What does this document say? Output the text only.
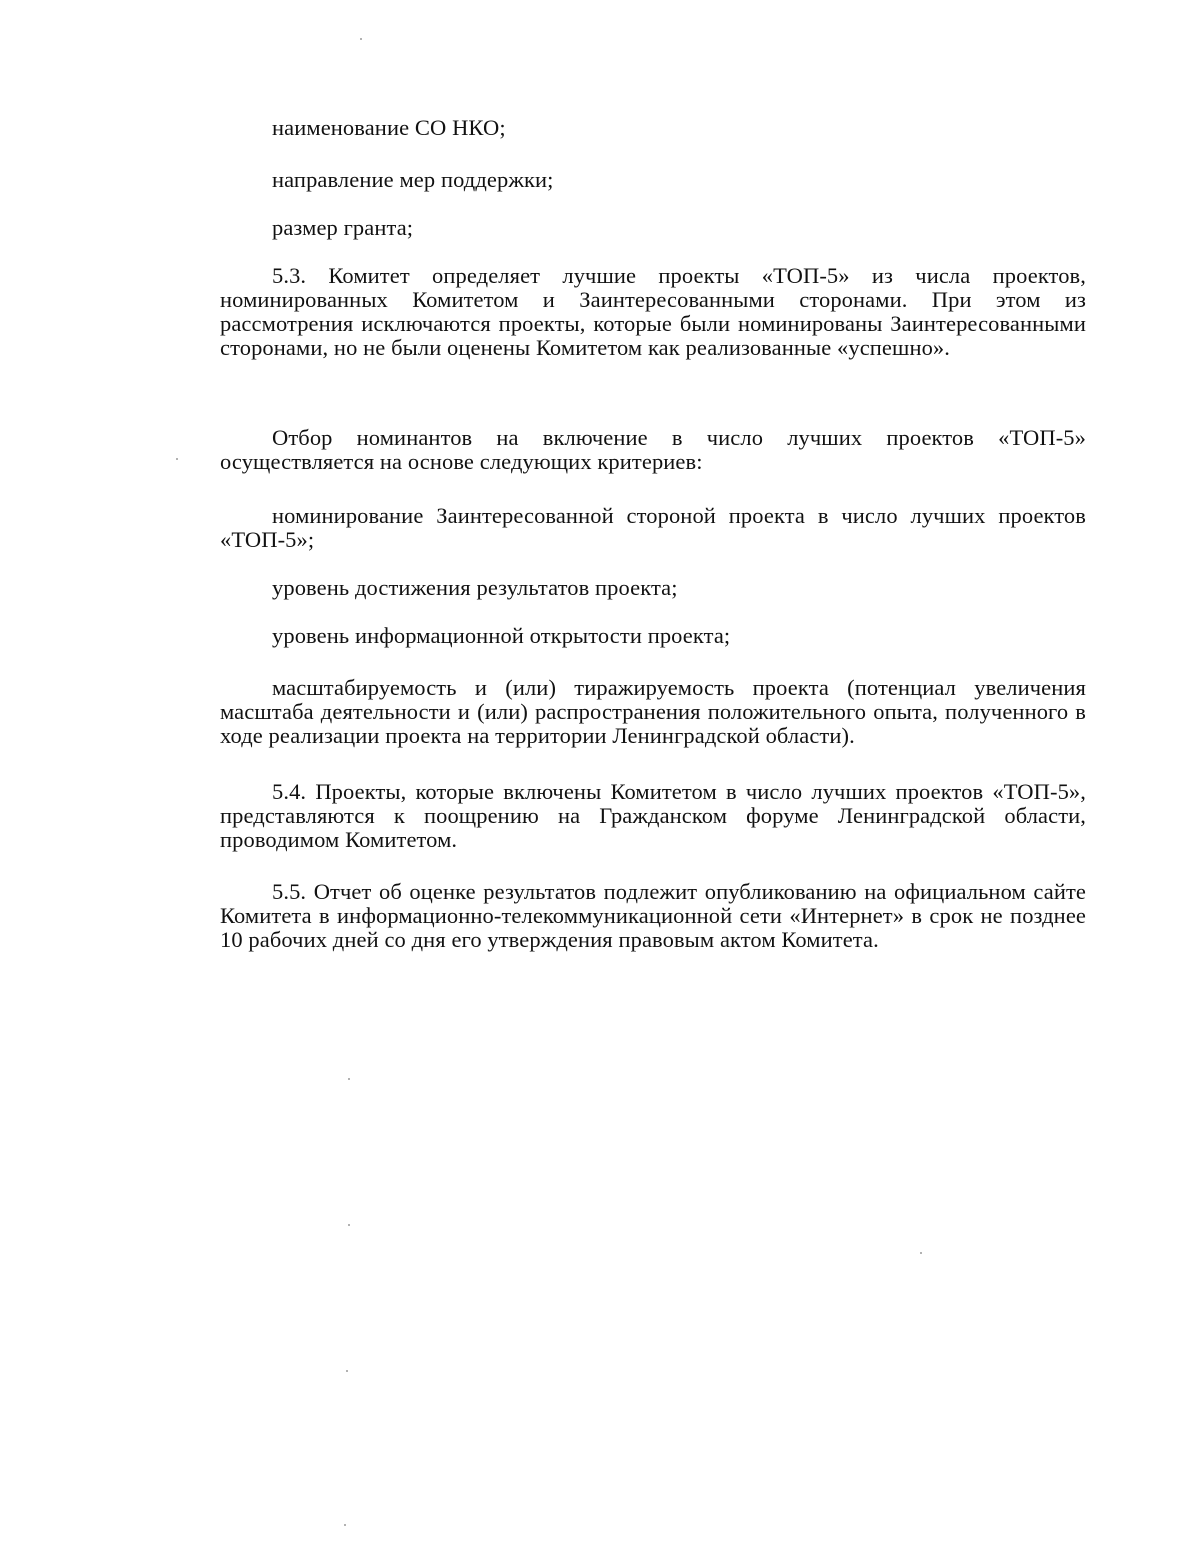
наименование СО НКО;
направление мер поддержки;
размер гранта;
5.3. Комитет определяет лучшие проекты «ТОП-5» из числа проектов, номинированных Комитетом и Заинтересованными сторонами. При этом из рассмотрения исключаются проекты, которые были номинированы Заинтересованными сторонами, но не были оценены Комитетом как реализованные «успешно».
Отбор номинантов на включение в число лучших проектов «ТОП-5» осуществляется на основе следующих критериев:
номинирование Заинтересованной стороной проекта в число лучших проектов «ТОП-5»;
уровень достижения результатов проекта;
уровень информационной открытости проекта;
масштабируемость и (или) тиражируемость проекта (потенциал увеличения масштаба деятельности и (или) распространения положительного опыта, полученного в ходе реализации проекта на территории Ленинградской области).
5.4. Проекты, которые включены Комитетом в число лучших проектов «ТОП-5», представляются к поощрению на Гражданском форуме Ленинградской области, проводимом Комитетом.
5.5. Отчет об оценке результатов подлежит опубликованию на официальном сайте Комитета в информационно-телекоммуникационной сети «Интернет» в срок не позднее 10 рабочих дней со дня его утверждения правовым актом Комитета.
